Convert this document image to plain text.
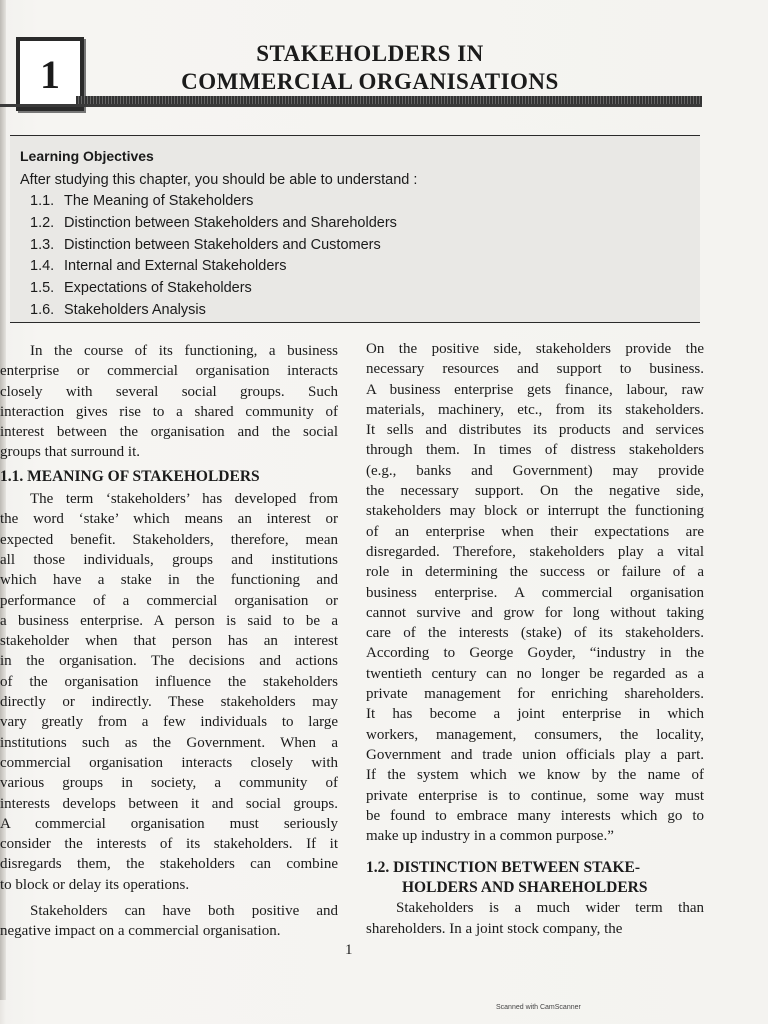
1	STAKEHOLDERS IN
COMMERCIAL ORGANISATIONS
Learning Objectives
After studying this chapter, you should be able to understand :
1.1. The Meaning of Stakeholders
1.2. Distinction between Stakeholders and Shareholders
1.3. Distinction between Stakeholders and Customers
1.4. Internal and External Stakeholders
1.5. Expectations of Stakeholders
1.6. Stakeholders Analysis

In the course of its functioning, a business
enterprise or commercial organisation interacts
closely with several social groups. Such
interaction gives rise to a shared community of
interest between the organisation and the social
groups that surround it.

1.1. MEANING OF STAKEHOLDERS

The term ‘stakeholders’ has developed from
the word ‘stake’ which means an interest or
expected benefit. Stakeholders, therefore, mean
all those individuals, groups and institutions
which have a stake in the functioning and
performance of a commercial organisation or
a business enterprise. A person is said to be a
stakeholder when that person has an interest
in the organisation. The decisions and actions
of the organisation influence the stakeholders
directly or indirectly. These stakeholders may
vary greatly from a few individuals to large
institutions such as the Government. When a
commercial organisation interacts closely with
various groups in society, a community of
interests develops between it and social groups.
A commercial organisation must seriously
consider the interests of its stakeholders. If it
disregards them, the stakeholders can combine
to block or delay its operations.

Stakeholders can have both positive and
negative impact on a commercial organisation.

On the positive side, stakeholders provide the
necessary resources and support to business.
A business enterprise gets finance, labour, raw
materials, machinery, etc., from its stakeholders.
It sells and distributes its products and services
through them. In times of distress stakeholders
(e.g., banks and Government) may provide
the necessary support. On the negative side,
stakeholders may block or interrupt the functioning
of an enterprise when their expectations are
disregarded. Therefore, stakeholders play a vital
role in determining the success or failure of a
business enterprise. A commercial organisation
cannot survive and grow for long without taking
care of the interests (stake) of its stakeholders.
According to George Goyder, “industry in the
twentieth century can no longer be regarded as a
private management for enriching shareholders.
It has become a joint enterprise in which
workers, management, consumers, the locality,
Government and trade union officials play a part.
If the system which we know by the name of
private enterprise is to continue, some way must
be found to embrace many interests which go to
make up industry in a common purpose.”

1.2. DISTINCTION BETWEEN STAKE-
HOLDERS AND SHAREHOLDERS

Stakeholders is a much wider term than
shareholders. In a joint stock company, the

1
Scanned with CamScanner
